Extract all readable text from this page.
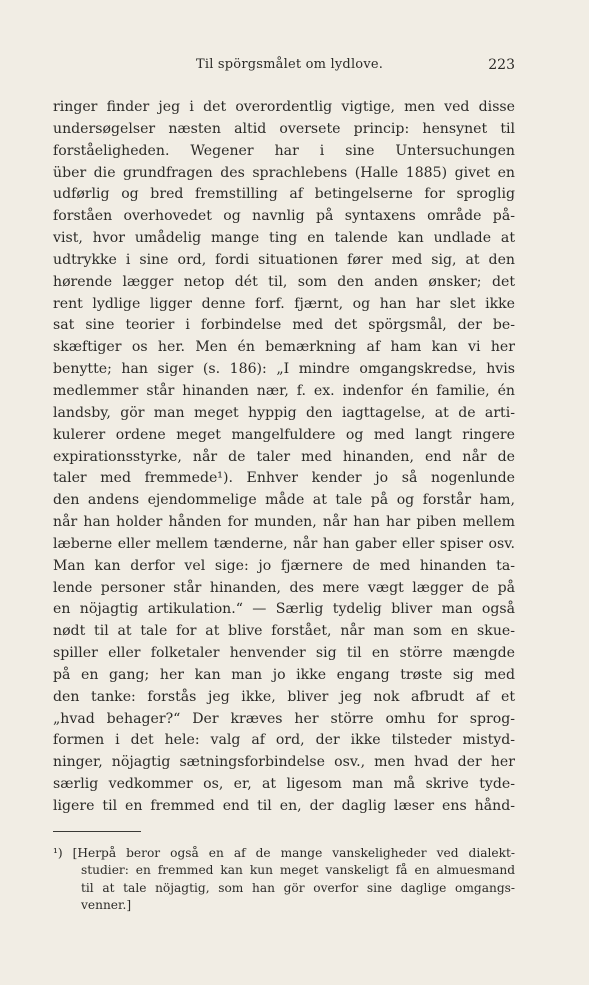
Til spörgsmålet om lydlove.	223
ringer finder jeg i det overordentlig vigtige, men ved disse
undersøgelser næsten altid oversete princip: hensynet til
forståeligheden. Wegener har i sine Untersuchungen
über die grundfragen des sprachlebens (Halle 1885) givet en
udførlig og bred fremstilling af betingelserne for sproglig
forståen overhovedet og navnlig på syntaxens område på-
vist, hvor umådelig mange ting en talende kan undlade at
udtrykke i sine ord, fordi situationen fører med sig, at den
hørende lægger netop dét til, som den anden ønsker; det
rent lydlige ligger denne forf. fjærnt, og han har slet ikke
sat sine teorier i forbindelse med det spörgsmål, der be-
skæftiger os her. Men én bemærkning af ham kan vi her
benytte; han siger (s. 186): „I mindre omgangskredse, hvis
medlemmer står hinanden nær, f. ex. indenfor én familie, én
landsby, gör man meget hyppig den iagttagelse, at de arti-
kulerer ordene meget mangelfuldere og med langt ringere
expirationsstyrke, når de taler med hinanden, end når de
taler med fremmede¹). Enhver kender jo så nogenlunde
den andens ejendommelige måde at tale på og forstår ham,
når han holder hånden for munden, når han har piben mellem
læberne eller mellem tænderne, når han gaber eller spiser osv.
Man kan derfor vel sige: jo fjærnere de med hinanden ta-
lende personer står hinanden, des mere vægt lægger de på
en nöjagtig artikulation.“ — Særlig tydelig bliver man også
nødt til at tale for at blive forstået, når man som en skue-
spiller eller folketaler henvender sig til en större mængde
på en gang; her kan man jo ikke engang trøste sig med
den tanke: forstås jeg ikke, bliver jeg nok afbrudt af et
„hvad behager?“ Der kræves her större omhu for sprog-
formen i det hele: valg af ord, der ikke tilsteder mistyd-
ninger, nöjagtig sætningsforbindelse osv., men hvad der her
særlig vedkommer os, er, at ligesom man må skrive tyde-
ligere til en fremmed end til en, der daglig læser ens hånd-
¹) [Herpå beror også en af de mange vanskeligheder ved dialekt-
studier: en fremmed kan kun meget vanskeligt få en almuesmand
til at tale nöjagtig, som han gör overfor sine daglige omgangs-
venner.]
